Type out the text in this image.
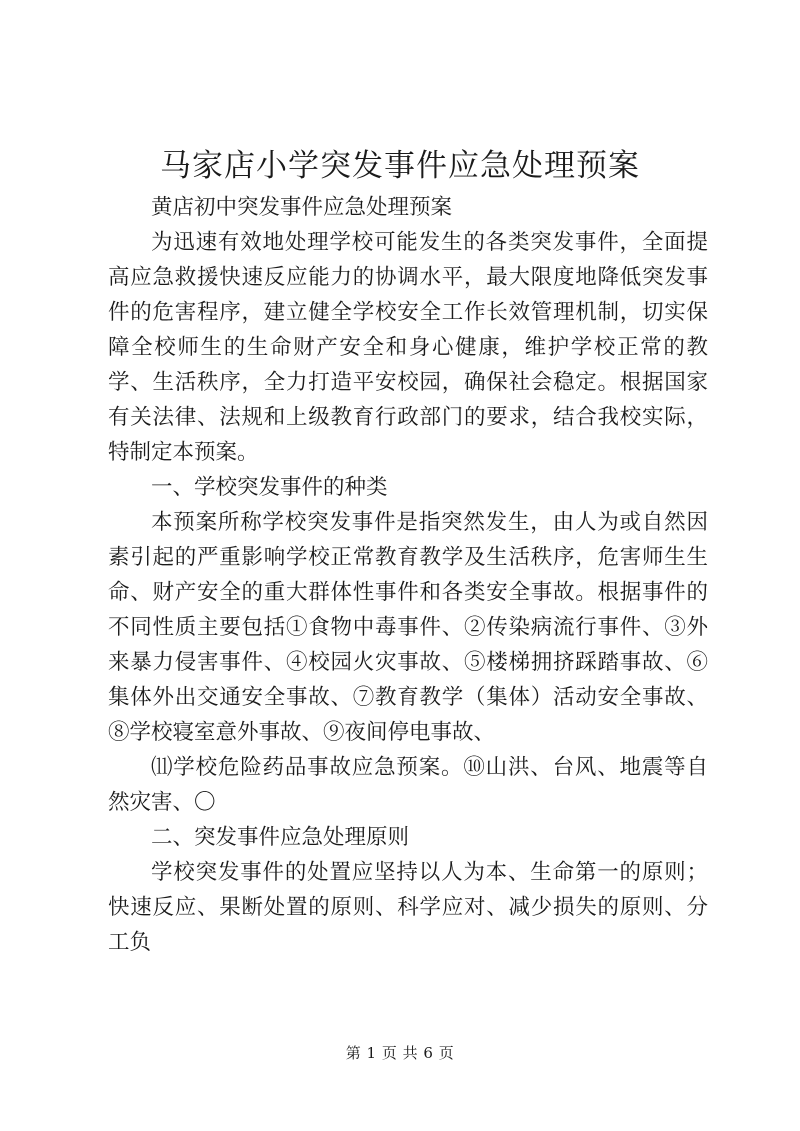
马家店小学突发事件应急处理预案

黄店初中突发事件应急处理预案

为迅速有效地处理学校可能发生的各类突发事件，全面提高应急救援快速反应能力的协调水平，最大限度地降低突发事件的危害程序，建立健全学校安全工作长效管理机制，切实保障全校师生的生命财产安全和身心健康，维护学校正常的教学、生活秩序，全力打造平安校园，确保社会稳定。根据国家有关法律、法规和上级教育行政部门的要求，结合我校实际，特制定本预案。

一、学校突发事件的种类

本预案所称学校突发事件是指突然发生，由人为或自然因素引起的严重影响学校正常教育教学及生活秩序，危害师生生命、财产安全的重大群体性事件和各类安全事故。根据事件的不同性质主要包括①食物中毒事件、②传染病流行事件、③外来暴力侵害事件、④校园火灾事故、⑤楼梯拥挤踩踏事故、⑥集体外出交通安全事故、⑦教育教学（集体）活动安全事故、⑧学校寝室意外事故、⑨夜间停电事故、

⑾学校危险药品事故应急预案。⑩山洪、台风、地震等自然灾害、〇

二、突发事件应急处理原则

学校突发事件的处置应坚持以人为本、生命第一的原则；快速反应、果断处置的原则、科学应对、减少损失的原则、分工负

第 1 页 共 6 页
